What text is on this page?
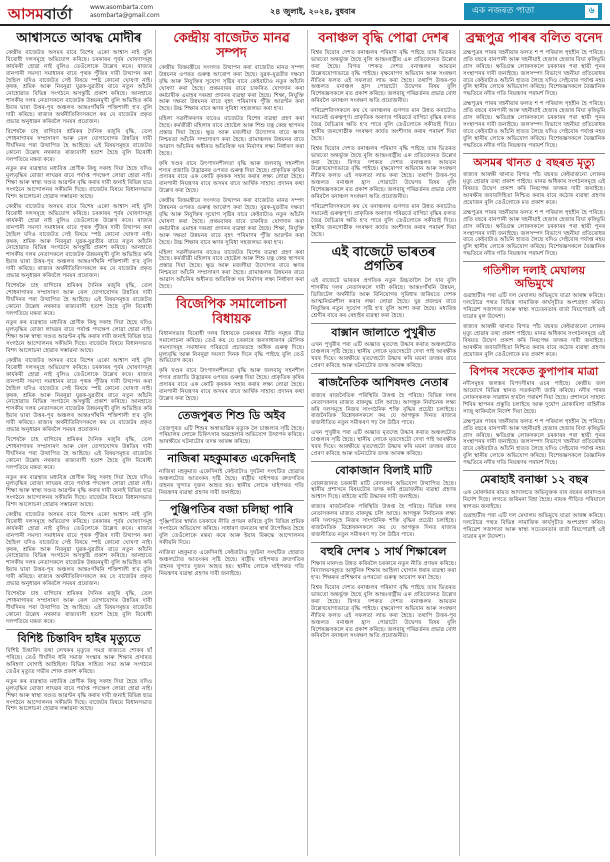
আসমবাৰ্তা	www.asombarta.com
asombarta@gmail.com	২৪ জুলাই, ২০২৪, বুধবাৰ	এক নজৰত পাতা	৬
আশ্বাসতে আবদ্ধ মোদীৰ

কেন্দ্ৰীয় বাজেটত অসমৰ বাবে বিশেষ একো আশ্বাস নাই বুলি বিৰোধী দলসমূহে অভিযোগ কৰিছে। চৰকাৰৰ পূৰ্বৰ ঘোষণাসমূহ কাৰ্যকৰী হোৱা নাই বুলিও তেওঁলোকে উল্লেখ কৰে। ৰাজ্যৰ বানপানী সমস্যা সমাধানৰ বাবে পৃথক পুঁজিৰ দাবী উত্থাপন কৰা হৈছিল যদিও বাজেটত সেই বিষয়ে স্পষ্ট কোনো ঘোষণা নাই। কৃষক, শ্ৰমিক আৰু নিবনুৱা যুৱক-যুৱতীৰ বাবে নতুন আঁচনি নোহোৱাত বিভিন্ন সংগঠনে অসন্তুষ্টি প্ৰকাশ কৰিছে। আনহাতে শাসকীয় দলৰ নেতাসকলে বাজেটক উন্নয়নমুখী বুলি অভিহিত কৰি ইয়াৰ দ্বাৰা উত্তৰ-পূব অঞ্চলৰ আন্তঃগাঁথনি শক্তিশালী হ'ব বুলি দাবী কৰিছে। ৰাজ্যৰ অৰ্থনীতিবিদসকলে কয় যে বাজেটৰ প্ৰকৃত প্ৰভাৱ অনুধাৱন কৰিবলৈ সময়ৰ প্ৰয়োজন।

বিশেষকৈ চাহ বাগিচাৰ শ্ৰমিকৰ দৈনিক মজুৰি বৃদ্ধি, তেল শোধনাগাৰৰ সম্প্ৰসাৰণ আৰু ৰেল যোগাযোগৰ উন্নতিৰ দাবী দীৰ্ঘদিনৰ পৰা উত্থাপিত হৈ আহিছে। এই বিষয়সমূহত বাজেটত কোনো উল্লেখ নথকাত ৰাজ্যবাসী হতাশ হৈছে বুলি বিৰোধী দলপতিয়ে মন্তব্য কৰে।

নতুন কৰ ব্যৱস্থাত মধ্যবিত্ত শ্ৰেণীক কিছু সকাহ দিয়া হৈছে যদিও মূল্যবৃদ্ধিৰ বোজা লাঘৱৰ বাবে পৰ্যাপ্ত পদক্ষেপ লোৱা হোৱা নাই। শিক্ষা আৰু স্বাস্থ্য খণ্ডত আৱণ্টন বৃদ্ধি কৰাৰ দাবী জনাই বিভিন্ন ছাত্ৰ সংগঠনে আন্দোলনৰ সকীয়নি দিছে। বাজেটৰ বিষয়ে বিধানসভাত বিশদ আলোচনা হোৱাৰ সম্ভাৱনা আছে।

কেন্দ্ৰীয় বাজেটত অসমৰ বাবে বিশেষ একো আশ্বাস নাই বুলি বিৰোধী দলসমূহে অভিযোগ কৰিছে। চৰকাৰৰ পূৰ্বৰ ঘোষণাসমূহ কাৰ্যকৰী হোৱা নাই বুলিও তেওঁলোকে উল্লেখ কৰে। ৰাজ্যৰ বানপানী সমস্যা সমাধানৰ বাবে পৃথক পুঁজিৰ দাবী উত্থাপন কৰা হৈছিল যদিও বাজেটত সেই বিষয়ে স্পষ্ট কোনো ঘোষণা নাই। কৃষক, শ্ৰমিক আৰু নিবনুৱা যুৱক-যুৱতীৰ বাবে নতুন আঁচনি নোহোৱাত বিভিন্ন সংগঠনে অসন্তুষ্টি প্ৰকাশ কৰিছে। আনহাতে শাসকীয় দলৰ নেতাসকলে বাজেটক উন্নয়নমুখী বুলি অভিহিত কৰি ইয়াৰ দ্বাৰা উত্তৰ-পূব অঞ্চলৰ আন্তঃগাঁথনি শক্তিশালী হ'ব বুলি দাবী কৰিছে। ৰাজ্যৰ অৰ্থনীতিবিদসকলে কয় যে বাজেটৰ প্ৰকৃত প্ৰভাৱ অনুধাৱন কৰিবলৈ সময়ৰ প্ৰয়োজন।

বিশেষকৈ চাহ বাগিচাৰ শ্ৰমিকৰ দৈনিক মজুৰি বৃদ্ধি, তেল শোধনাগাৰৰ সম্প্ৰসাৰণ আৰু ৰেল যোগাযোগৰ উন্নতিৰ দাবী দীৰ্ঘদিনৰ পৰা উত্থাপিত হৈ আহিছে। এই বিষয়সমূহত বাজেটত কোনো উল্লেখ নথকাত ৰাজ্যবাসী হতাশ হৈছে বুলি বিৰোধী দলপতিয়ে মন্তব্য কৰে।

নতুন কৰ ব্যৱস্থাত মধ্যবিত্ত শ্ৰেণীক কিছু সকাহ দিয়া হৈছে যদিও মূল্যবৃদ্ধিৰ বোজা লাঘৱৰ বাবে পৰ্যাপ্ত পদক্ষেপ লোৱা হোৱা নাই। শিক্ষা আৰু স্বাস্থ্য খণ্ডত আৱণ্টন বৃদ্ধি কৰাৰ দাবী জনাই বিভিন্ন ছাত্ৰ সংগঠনে আন্দোলনৰ সকীয়নি দিছে। বাজেটৰ বিষয়ে বিধানসভাত বিশদ আলোচনা হোৱাৰ সম্ভাৱনা আছে।

কেন্দ্ৰীয় বাজেটত অসমৰ বাবে বিশেষ একো আশ্বাস নাই বুলি বিৰোধী দলসমূহে অভিযোগ কৰিছে। চৰকাৰৰ পূৰ্বৰ ঘোষণাসমূহ কাৰ্যকৰী হোৱা নাই বুলিও তেওঁলোকে উল্লেখ কৰে। ৰাজ্যৰ বানপানী সমস্যা সমাধানৰ বাবে পৃথক পুঁজিৰ দাবী উত্থাপন কৰা হৈছিল যদিও বাজেটত সেই বিষয়ে স্পষ্ট কোনো ঘোষণা নাই। কৃষক, শ্ৰমিক আৰু নিবনুৱা যুৱক-যুৱতীৰ বাবে নতুন আঁচনি নোহোৱাত বিভিন্ন সংগঠনে অসন্তুষ্টি প্ৰকাশ কৰিছে। আনহাতে শাসকীয় দলৰ নেতাসকলে বাজেটক উন্নয়নমুখী বুলি অভিহিত কৰি ইয়াৰ দ্বাৰা উত্তৰ-পূব অঞ্চলৰ আন্তঃগাঁথনি শক্তিশালী হ'ব বুলি দাবী কৰিছে। ৰাজ্যৰ অৰ্থনীতিবিদসকলে কয় যে বাজেটৰ প্ৰকৃত প্ৰভাৱ অনুধাৱন কৰিবলৈ সময়ৰ প্ৰয়োজন।

বিশেষকৈ চাহ বাগিচাৰ শ্ৰমিকৰ দৈনিক মজুৰি বৃদ্ধি, তেল শোধনাগাৰৰ সম্প্ৰসাৰণ আৰু ৰেল যোগাযোগৰ উন্নতিৰ দাবী দীৰ্ঘদিনৰ পৰা উত্থাপিত হৈ আহিছে। এই বিষয়সমূহত বাজেটত কোনো উল্লেখ নথকাত ৰাজ্যবাসী হতাশ হৈছে বুলি বিৰোধী দলপতিয়ে মন্তব্য কৰে।

নতুন কৰ ব্যৱস্থাত মধ্যবিত্ত শ্ৰেণীক কিছু সকাহ দিয়া হৈছে যদিও মূল্যবৃদ্ধিৰ বোজা লাঘৱৰ বাবে পৰ্যাপ্ত পদক্ষেপ লোৱা হোৱা নাই। শিক্ষা আৰু স্বাস্থ্য খণ্ডত আৱণ্টন বৃদ্ধি কৰাৰ দাবী জনাই বিভিন্ন ছাত্ৰ সংগঠনে আন্দোলনৰ সকীয়নি দিছে। বাজেটৰ বিষয়ে বিধানসভাত বিশদ আলোচনা হোৱাৰ সম্ভাৱনা আছে।

কেন্দ্ৰীয় বাজেটত অসমৰ বাবে বিশেষ একো আশ্বাস নাই বুলি বিৰোধী দলসমূহে অভিযোগ কৰিছে। চৰকাৰৰ পূৰ্বৰ ঘোষণাসমূহ কাৰ্যকৰী হোৱা নাই বুলিও তেওঁলোকে উল্লেখ কৰে। ৰাজ্যৰ বানপানী সমস্যা সমাধানৰ বাবে পৃথক পুঁজিৰ দাবী উত্থাপন কৰা হৈছিল যদিও বাজেটত সেই বিষয়ে স্পষ্ট কোনো ঘোষণা নাই। কৃষক, শ্ৰমিক আৰু নিবনুৱা যুৱক-যুৱতীৰ বাবে নতুন আঁচনি নোহোৱাত বিভিন্ন সংগঠনে অসন্তুষ্টি প্ৰকাশ কৰিছে। আনহাতে শাসকীয় দলৰ নেতাসকলে বাজেটক উন্নয়নমুখী বুলি অভিহিত কৰি ইয়াৰ দ্বাৰা উত্তৰ-পূব অঞ্চলৰ আন্তঃগাঁথনি শক্তিশালী হ'ব বুলি দাবী কৰিছে। ৰাজ্যৰ অৰ্থনীতিবিদসকলে কয় যে বাজেটৰ প্ৰকৃত প্ৰভাৱ অনুধাৱন কৰিবলৈ সময়ৰ প্ৰয়োজন।

বিশেষকৈ চাহ বাগিচাৰ শ্ৰমিকৰ দৈনিক মজুৰি বৃদ্ধি, তেল শোধনাগাৰৰ সম্প্ৰসাৰণ আৰু ৰেল যোগাযোগৰ উন্নতিৰ দাবী দীৰ্ঘদিনৰ পৰা উত্থাপিত হৈ আহিছে। এই বিষয়সমূহত বাজেটত কোনো উল্লেখ নথকাত ৰাজ্যবাসী হতাশ হৈছে বুলি বিৰোধী দলপতিয়ে মন্তব্য কৰে।

বিশিষ্ট চিন্তাবিদ হাইৰ মৃত্যুতে

বিশিষ্ট চিন্তাবিদ তথা লেখকৰ মৃত্যুত সমগ্ৰ ৰাজ্যতে শোকৰ ছাঁ পৰিছে। তেওঁ দীৰ্ঘদিন ধৰি সমাজ সংস্কাৰ আৰু শিক্ষাৰ প্ৰসাৰত অৰিহণা যোগাই আহিছিল। বিভিন্ন সাহিত্য সভা আৰু সংগঠনে তেওঁৰ মৃত্যুত গভীৰ শোক প্ৰকাশ কৰিছে।

নতুন কৰ ব্যৱস্থাত মধ্যবিত্ত শ্ৰেণীক কিছু সকাহ দিয়া হৈছে যদিও মূল্যবৃদ্ধিৰ বোজা লাঘৱৰ বাবে পৰ্যাপ্ত পদক্ষেপ লোৱা হোৱা নাই। শিক্ষা আৰু স্বাস্থ্য খণ্ডত আৱণ্টন বৃদ্ধি কৰাৰ দাবী জনাই বিভিন্ন ছাত্ৰ সংগঠনে আন্দোলনৰ সকীয়নি দিছে। বাজেটৰ বিষয়ে বিধানসভাত বিশদ আলোচনা হোৱাৰ সম্ভাৱনা আছে।

কেন্দ্ৰীয় বাজেটত মানৱ সম্পদ

কেন্দ্ৰীয় বিত্তমন্ত্ৰীয়ে সংসদত উত্থাপন কৰা বাজেটত মানৱ সম্পদ উন্নয়নৰ ওপৰত গুৰুত্ব আৰোপ কৰা হৈছে। যুৱক-যুৱতীৰ দক্ষতা বৃদ্ধি আৰু নিযুক্তিৰ সুযোগ সৃষ্টিৰ বাবে কেইবাটাও নতুন আঁচনি ঘোষণা কৰা হৈছে। প্ৰথমবাৰৰ বাবে চাকৰিত যোগদান কৰা কৰ্মচাৰীক এমাহৰ দৰমহা প্ৰদানৰ ব্যৱস্থা কৰা হৈছে। শিক্ষা, নিযুক্তি আৰু দক্ষতা উন্নয়নৰ বাবে বৃহৎ পৰিমাণৰ পুঁজি আৱণ্টন কৰা হৈছে। উচ্চ শিক্ষাৰ বাবে ঋণৰ সুবিধা সহজলভ্য কৰা হ'ব।

মহিলা সৱলীকৰণৰ বাবেও বাজেটত বিশেষ ব্যৱস্থা গ্ৰহণ কৰা হৈছে। কৰ্মজীৱী মহিলাৰ বাবে হোষ্টেল আৰু শিশু যত্ন কেন্দ্ৰ স্থাপনৰ প্ৰস্তাৱ দিয়া হৈছে। ক্ষুদ্ৰ আৰু মজলীয়া উদ্যোগৰ বাবে ঋণৰ নিশ্চয়তা আঁচনি সম্প্ৰসাৰণ কৰা হৈছে। গ্ৰামাঞ্চলৰ উন্নয়নৰ বাবে আৱাস আঁচনিৰ অধীনত অতিৰিক্ত ঘৰ নিৰ্মাণৰ লক্ষ্য নিৰ্ধাৰণ কৰা হৈছে।

কৃষি খণ্ডৰ বাবে উৎপাদনশীলতা বৃদ্ধি আৰু জলবায়ু সহনশীল শস্যৰ প্ৰজাতি উদ্ভাৱনৰ ওপৰত গুৰুত্ব দিয়া হৈছে। প্ৰাকৃতিক কৃষিৰ প্ৰসাৰৰ বাবে এক কোটি কৃষকক সহায় কৰাৰ লক্ষ্য লোৱা হৈছে। বানপানী নিয়ন্ত্ৰণৰ বাবে অসমৰ বাবে আৰ্থিক সাহায্য প্ৰদানৰ কথা উল্লেখ কৰা হৈছে।

কেন্দ্ৰীয় বিত্তমন্ত্ৰীয়ে সংসদত উত্থাপন কৰা বাজেটত মানৱ সম্পদ উন্নয়নৰ ওপৰত গুৰুত্ব আৰোপ কৰা হৈছে। যুৱক-যুৱতীৰ দক্ষতা বৃদ্ধি আৰু নিযুক্তিৰ সুযোগ সৃষ্টিৰ বাবে কেইবাটাও নতুন আঁচনি ঘোষণা কৰা হৈছে। প্ৰথমবাৰৰ বাবে চাকৰিত যোগদান কৰা কৰ্মচাৰীক এমাহৰ দৰমহা প্ৰদানৰ ব্যৱস্থা কৰা হৈছে। শিক্ষা, নিযুক্তি আৰু দক্ষতা উন্নয়নৰ বাবে বৃহৎ পৰিমাণৰ পুঁজি আৱণ্টন কৰা হৈছে। উচ্চ শিক্ষাৰ বাবে ঋণৰ সুবিধা সহজলভ্য কৰা হ'ব।

মহিলা সৱলীকৰণৰ বাবেও বাজেটত বিশেষ ব্যৱস্থা গ্ৰহণ কৰা হৈছে। কৰ্মজীৱী মহিলাৰ বাবে হোষ্টেল আৰু শিশু যত্ন কেন্দ্ৰ স্থাপনৰ প্ৰস্তাৱ দিয়া হৈছে। ক্ষুদ্ৰ আৰু মজলীয়া উদ্যোগৰ বাবে ঋণৰ নিশ্চয়তা আঁচনি সম্প্ৰসাৰণ কৰা হৈছে। গ্ৰামাঞ্চলৰ উন্নয়নৰ বাবে আৱাস আঁচনিৰ অধীনত অতিৰিক্ত ঘৰ নিৰ্মাণৰ লক্ষ্য নিৰ্ধাৰণ কৰা হৈছে।

বিজেপিক সমালোচনা বিধায়ক

বিধানসভাৰ বিৰোধী দলৰ বিধায়কে চৰকাৰৰ নীতি সমূহৰ তীব্ৰ সমালোচনা কৰিছে। তেওঁ কয় যে চৰকাৰে জনসাধাৰণৰ মৌলিক সমস্যাসমূহ সমাধানৰ পৰিৱৰ্তে প্ৰচাৰতহে অধিক গুৰুত্ব দিছে। মূল্যবৃদ্ধি আৰু নিবনুৱা সমস্যা দিনক দিনে বৃদ্ধি পাইছে বুলি তেওঁ অভিযোগ কৰে।

কৃষি খণ্ডৰ বাবে উৎপাদনশীলতা বৃদ্ধি আৰু জলবায়ু সহনশীল শস্যৰ প্ৰজাতি উদ্ভাৱনৰ ওপৰত গুৰুত্ব দিয়া হৈছে। প্ৰাকৃতিক কৃষিৰ প্ৰসাৰৰ বাবে এক কোটি কৃষকক সহায় কৰাৰ লক্ষ্য লোৱা হৈছে। বানপানী নিয়ন্ত্ৰণৰ বাবে অসমৰ বাবে আৰ্থিক সাহায্য প্ৰদানৰ কথা উল্লেখ কৰা হৈছে।

তেজপুৰত শিশু ডি অইব

তেজপুৰত এটি শিশুৰ অস্বাভাৱিক মৃত্যুক লৈ চাঞ্চল্যৰ সৃষ্টি হৈছে। পৰিয়ালৰ লোকে চিকিৎসাৰ অৱহেলাৰ অভিযোগ উত্থাপন কৰিছে। আৰক্ষীয়ে ঘটনাটোৰ তদন্ত আৰম্ভ কৰিছে।

নাজিৰা মহকুমাৰত একেদিনাই

নাজিৰা মহকুমাত একেদিনাই কেইবাটাও দুৰ্ঘটনা সংঘটিত হোৱাত অঞ্চলটোত আতংকৰ সৃষ্টি হৈছে। ৰাষ্ট্ৰীয় ঘাইপথত দ্ৰুতগতিৰ বাহনৰ খুন্দাত দুজন আহত হয়। স্থানীয় লোকে ঘাইপথত গতি নিয়ন্ত্ৰণৰ ব্যৱস্থা গ্ৰহণৰ দাবী জনাইছে।

পুঞ্জিপতিৰ বজা চলিছা পাৰি

পুঞ্জিপতিৰ স্বাৰ্থত চৰকাৰে নীতি প্ৰণয়ন কৰিছে বুলি বিভিন্ন শ্ৰমিক সংগঠনে অভিযোগ কৰিছে। সাধাৰণ জনতাৰ স্বাৰ্থ উপেক্ষিত হৈছে বুলি তেওঁলোকে মন্তব্য কৰে আৰু ইয়াৰ বিৰুদ্ধে আন্দোলনৰ সকীয়নি দিয়ে।

নাজিৰা মহকুমাত একেদিনাই কেইবাটাও দুৰ্ঘটনা সংঘটিত হোৱাত অঞ্চলটোত আতংকৰ সৃষ্টি হৈছে। ৰাষ্ট্ৰীয় ঘাইপথত দ্ৰুতগতিৰ বাহনৰ খুন্দাত দুজন আহত হয়। স্থানীয় লোকে ঘাইপথত গতি নিয়ন্ত্ৰণৰ ব্যৱস্থা গ্ৰহণৰ দাবী জনাইছে।

বনাঞ্চল বৃদ্ধি পোৱা দেশৰ

বিশ্বৰ যিবোৰ দেশত বনাঞ্চলৰ পৰিমাণ বৃদ্ধি পাইছে তাৰ ভিতৰত ভাৰতো অন্তৰ্ভুক্ত হৈছে বুলি আন্তঃৰাষ্ট্ৰীয় এক প্ৰতিবেদনত উল্লেখ কৰা হৈছে। বিগত দশকত দেশত বনাঞ্চলৰ আয়তন উল্লেখযোগ্যভাৱে বৃদ্ধি পাইছে। বৃক্ষৰোপণ অভিযান আৰু সংৰক্ষণ নীতিৰ ফলত এই সফলতা লাভ কৰা হৈছে। তথাপি উত্তৰ-পূব অঞ্চলত বনাঞ্চল হ্ৰাস পোৱাটো উদ্বেগৰ বিষয় বুলি বিশেষজ্ঞসকলে মত প্ৰকাশ কৰিছে। জলবায়ু পৰিৱৰ্তনৰ প্ৰভাৱ ৰোধ কৰিবলৈ বনাঞ্চল সংৰক্ষণ অতি প্ৰয়োজনীয়।

পৰিৱেশবিদসকলে কয় যে বনাঞ্চলৰ গুণগত মান উন্নত কৰাটোও সমানেই গুৰুত্বপূৰ্ণ। প্ৰাকৃতিক অৰণ্যৰ পৰিৱৰ্তে বাগিচা বৃদ্ধিৰ ফলত জৈৱ বৈচিত্ৰ্যৰ ক্ষতি হ'ব পাৰে বুলি তেওঁলোকে সকীয়াই দিয়ে। স্থানীয় জনগোষ্ঠীক সংৰক্ষণ কাৰ্যত অংশীদাৰ কৰাৰ পৰামৰ্শ দিয়া হৈছে।

বিশ্বৰ যিবোৰ দেশত বনাঞ্চলৰ পৰিমাণ বৃদ্ধি পাইছে তাৰ ভিতৰত ভাৰতো অন্তৰ্ভুক্ত হৈছে বুলি আন্তঃৰাষ্ট্ৰীয় এক প্ৰতিবেদনত উল্লেখ কৰা হৈছে। বিগত দশকত দেশত বনাঞ্চলৰ আয়তন উল্লেখযোগ্যভাৱে বৃদ্ধি পাইছে। বৃক্ষৰোপণ অভিযান আৰু সংৰক্ষণ নীতিৰ ফলত এই সফলতা লাভ কৰা হৈছে। তথাপি উত্তৰ-পূব অঞ্চলত বনাঞ্চল হ্ৰাস পোৱাটো উদ্বেগৰ বিষয় বুলি বিশেষজ্ঞসকলে মত প্ৰকাশ কৰিছে। জলবায়ু পৰিৱৰ্তনৰ প্ৰভাৱ ৰোধ কৰিবলৈ বনাঞ্চল সংৰক্ষণ অতি প্ৰয়োজনীয়।

পৰিৱেশবিদসকলে কয় যে বনাঞ্চলৰ গুণগত মান উন্নত কৰাটোও সমানেই গুৰুত্বপূৰ্ণ। প্ৰাকৃতিক অৰণ্যৰ পৰিৱৰ্তে বাগিচা বৃদ্ধিৰ ফলত জৈৱ বৈচিত্ৰ্যৰ ক্ষতি হ'ব পাৰে বুলি তেওঁলোকে সকীয়াই দিয়ে। স্থানীয় জনগোষ্ঠীক সংৰক্ষণ কাৰ্যত অংশীদাৰ কৰাৰ পৰামৰ্শ দিয়া হৈছে।

এই বাজেটে ভাৰতৰ প্ৰগতিৰ

এই বাজেটে ভাৰতৰ প্ৰগতিক নতুন উচ্চতালৈ লৈ যাব বুলি শাসকীয় দলৰ নেতাসকলে দাবী কৰিছে। আন্তঃগাঁথনি উন্নয়ন, ডিজিটেল অৰ্থনীতি আৰু বিনিয়োগৰ সুবিধাৰ জৰিয়তে দেশক আত্মনিৰ্ভৰশীল কৰাৰ লক্ষ্য লোৱা হৈছে। যুৱ প্ৰজন্মৰ বাবে নিযুক্তিৰ নতুন সুযোগ সৃষ্টি হ'ব বুলি আশা কৰা হৈছে। মধ্যবিত্ত শ্ৰেণীৰ বাবে কৰ ৰেহাইৰ ব্যৱস্থা কৰা হৈছে।

বাক্সান জালাতে পুখুৰীত

এখন পুখুৰীৰ পৰা এটি অজ্ঞাত মৃতদেহ উদ্ধাৰ কৰাত অঞ্চলটোত চাঞ্চল্যৰ সৃষ্টি হৈছে। স্থানীয় লোকে মৃতদেহটো দেখা পাই আৰক্ষীক খবৰ দিয়ে। আৰক্ষীয়ে মৃতদেহটো উদ্ধাৰ কৰি ময়না তদন্তৰ বাবে প্ৰেৰণ কৰিছে আৰু ঘটনাটোৰ তদন্ত আৰম্ভ কৰিছে।

ৰাজনৈতিক আশিষদণ্ড নেতাৰ

ৰাজ্যৰ ৰাজনৈতিক পৰিস্থিতি উত্তপ্ত হৈ পৰিছে। বিভিন্ন দলৰ নেতাসকলৰ মাজত বাকযুদ্ধ চলি আছে। আগন্তুক নিৰ্বাচনক লক্ষ্য কৰি দলসমূহে নিজৰ সাংগঠনিক শক্তি বৃদ্ধিৰ প্ৰচেষ্টা চলাইছে। ৰাজনৈতিক বিশ্লেষকসকলে কয় যে আগন্তুক দিনত ৰাজ্যৰ ৰাজনীতিত নতুন সমীকৰণ গঢ় লৈ উঠিব পাৰে।

এখন পুখুৰীৰ পৰা এটি অজ্ঞাত মৃতদেহ উদ্ধাৰ কৰাত অঞ্চলটোত চাঞ্চল্যৰ সৃষ্টি হৈছে। স্থানীয় লোকে মৃতদেহটো দেখা পাই আৰক্ষীক খবৰ দিয়ে। আৰক্ষীয়ে মৃতদেহটো উদ্ধাৰ কৰি ময়না তদন্তৰ বাবে প্ৰেৰণ কৰিছে আৰু ঘটনাটোৰ তদন্ত আৰম্ভ কৰিছে।

বোকাজান বিলাই মাটি

বোকাজানত চৰকাৰী মাটি বেদখলৰ অভিযোগ উত্থাপিত হৈছে। স্থানীয় প্ৰশাসনে বিষয়টোৰ তদন্ত কৰি প্ৰয়োজনীয় ব্যৱস্থা গ্ৰহণৰ আশ্বাস দিছে। ৰাইজে মাটি উদ্ধাৰৰ দাবী জনাইছে।

ৰাজ্যৰ ৰাজনৈতিক পৰিস্থিতি উত্তপ্ত হৈ পৰিছে। বিভিন্ন দলৰ নেতাসকলৰ মাজত বাকযুদ্ধ চলি আছে। আগন্তুক নিৰ্বাচনক লক্ষ্য কৰি দলসমূহে নিজৰ সাংগঠনিক শক্তি বৃদ্ধিৰ প্ৰচেষ্টা চলাইছে। ৰাজনৈতিক বিশ্লেষকসকলে কয় যে আগন্তুক দিনত ৰাজ্যৰ ৰাজনীতিত নতুন সমীকৰণ গঢ় লৈ উঠিব পাৰে।

বহুৰি দেশৰ ১ সাৰ্থ শিক্ষাৰেল

শিক্ষাৰ মানদণ্ড উন্নত কৰিবলৈ চৰকাৰে নতুন নীতি প্ৰণয়ন কৰিছে। বিদ্যালয়সমূহত আধুনিক শিক্ষাৰ আহিলা যোগান ধৰাৰ ব্যৱস্থা কৰা হ'ব। শিক্ষকৰ প্ৰশিক্ষণৰ ওপৰতো গুৰুত্ব আৰোপ কৰা হৈছে।

বিশ্বৰ যিবোৰ দেশত বনাঞ্চলৰ পৰিমাণ বৃদ্ধি পাইছে তাৰ ভিতৰত ভাৰতো অন্তৰ্ভুক্ত হৈছে বুলি আন্তঃৰাষ্ট্ৰীয় এক প্ৰতিবেদনত উল্লেখ কৰা হৈছে। বিগত দশকত দেশত বনাঞ্চলৰ আয়তন উল্লেখযোগ্যভাৱে বৃদ্ধি পাইছে। বৃক্ষৰোপণ অভিযান আৰু সংৰক্ষণ নীতিৰ ফলত এই সফলতা লাভ কৰা হৈছে। তথাপি উত্তৰ-পূব অঞ্চলত বনাঞ্চল হ্ৰাস পোৱাটো উদ্বেগৰ বিষয় বুলি বিশেষজ্ঞসকলে মত প্ৰকাশ কৰিছে। জলবায়ু পৰিৱৰ্তনৰ প্ৰভাৱ ৰোধ কৰিবলৈ বনাঞ্চল সংৰক্ষণ অতি প্ৰয়োজনীয়।

ব্ৰহ্মপুত্ৰ পাৰৰ বলিত বনেদ

ব্ৰহ্মপুত্ৰৰ পাৰৰ খহনীয়াৰ ফলত শ শ পৰিয়াল গৃহহীন হৈ পৰিছে। প্ৰতি বছৰে বানপানী আৰু খহনীয়াই হেজাৰ হেজাৰ বিঘা কৃষিভূমি গ্ৰাস কৰিছে। ক্ষতিগ্ৰস্ত লোকসকলে চৰকাৰৰ পৰা স্থায়ী পুনৰ সংস্থাপনৰ দাবী জনাইছে। জলসম্পদ বিভাগে খহনীয়া প্ৰতিৰোধৰ বাবে কেইবাটাও আঁচনি হাতত লৈছে যদিও সেইবোৰ পৰ্যাপ্ত নহয় বুলি স্থানীয় লোকে অভিযোগ কৰিছে। বিশেষজ্ঞসকলে বৈজ্ঞানিক পদ্ধতিৰে নদীৰ গতি নিয়ন্ত্ৰণৰ পৰামৰ্শ দিছে।

ব্ৰহ্মপুত্ৰৰ পাৰৰ খহনীয়াৰ ফলত শ শ পৰিয়াল গৃহহীন হৈ পৰিছে। প্ৰতি বছৰে বানপানী আৰু খহনীয়াই হেজাৰ হেজাৰ বিঘা কৃষিভূমি গ্ৰাস কৰিছে। ক্ষতিগ্ৰস্ত লোকসকলে চৰকাৰৰ পৰা স্থায়ী পুনৰ সংস্থাপনৰ দাবী জনাইছে। জলসম্পদ বিভাগে খহনীয়া প্ৰতিৰোধৰ বাবে কেইবাটাও আঁচনি হাতত লৈছে যদিও সেইবোৰ পৰ্যাপ্ত নহয় বুলি স্থানীয় লোকে অভিযোগ কৰিছে। বিশেষজ্ঞসকলে বৈজ্ঞানিক পদ্ধতিৰে নদীৰ গতি নিয়ন্ত্ৰণৰ পৰামৰ্শ দিছে।

অসমৰ থানত ৫ বছৰত মৃত্যু

ৰাজ্যৰ আৰক্ষী থানাত বিগত পাঁচ বছৰত কেইবাজনো লোকৰ মৃত্যু হোৱাৰ তথ্য প্ৰকাশ পাইছে। মানৱ অধিকাৰ সংগঠনসমূহে এই বিষয়ত উদ্বেগ প্ৰকাশ কৰি নিৰপেক্ষ তদন্তৰ দাবী জনাইছে। আৰক্ষীৰ জবাবদিহিতা নিশ্চিত কৰাৰ বাবে কঠোৰ ব্যৱস্থা গ্ৰহণৰ প্ৰয়োজন বুলি তেওঁলোকে মত প্ৰকাশ কৰে।

ব্ৰহ্মপুত্ৰৰ পাৰৰ খহনীয়াৰ ফলত শ শ পৰিয়াল গৃহহীন হৈ পৰিছে। প্ৰতি বছৰে বানপানী আৰু খহনীয়াই হেজাৰ হেজাৰ বিঘা কৃষিভূমি গ্ৰাস কৰিছে। ক্ষতিগ্ৰস্ত লোকসকলে চৰকাৰৰ পৰা স্থায়ী পুনৰ সংস্থাপনৰ দাবী জনাইছে। জলসম্পদ বিভাগে খহনীয়া প্ৰতিৰোধৰ বাবে কেইবাটাও আঁচনি হাতত লৈছে যদিও সেইবোৰ পৰ্যাপ্ত নহয় বুলি স্থানীয় লোকে অভিযোগ কৰিছে। বিশেষজ্ঞসকলে বৈজ্ঞানিক পদ্ধতিৰে নদীৰ গতি নিয়ন্ত্ৰণৰ পৰামৰ্শ দিছে।

গতিশীল দলাই মেঘালয় অভিমুখে

গুৱাহাটীৰ পৰা এটি দল মেঘালয় অভিমুখে যাত্ৰা আৰম্ভ কৰিছে। দলটোৱে পথত বিভিন্ন সামাজিক কাৰ্যসূচীত অংশগ্ৰহণ কৰিব। পৰিৱেশ সজাগতা আৰু স্বাস্থ্য সচেতনতাৰ বাৰ্তা বিয়পোৱাই এই যাত্ৰাৰ মূল উদ্দেশ্য।

ৰাজ্যৰ আৰক্ষী থানাত বিগত পাঁচ বছৰত কেইবাজনো লোকৰ মৃত্যু হোৱাৰ তথ্য প্ৰকাশ পাইছে। মানৱ অধিকাৰ সংগঠনসমূহে এই বিষয়ত উদ্বেগ প্ৰকাশ কৰি নিৰপেক্ষ তদন্তৰ দাবী জনাইছে। আৰক্ষীৰ জবাবদিহিতা নিশ্চিত কৰাৰ বাবে কঠোৰ ব্যৱস্থা গ্ৰহণৰ প্ৰয়োজন বুলি তেওঁলোকে মত প্ৰকাশ কৰে।

বিপদৰ সংকেত কুপাপাৰ মাত্ৰা

নদীসমূহৰ জলস্তৰ বিপদসীমাৰ ওচৰ পাইছে। কেন্দ্ৰীয় জল আয়োগে বিভিন্ন স্থানত সতৰ্কবাণী জাৰি কৰিছে। নদীৰ পাৰৰ লোকসকলক সাৱধান হ'বলৈ পৰামৰ্শ দিয়া হৈছে। প্ৰশাসনে সাহায্য শিবিৰ স্থাপনৰ প্ৰস্তুতি চলাইছে আৰু দুৰ্যোগ মোকাবিলা বাহিনীক সাজু থাকিবলৈ নিৰ্দেশ দিয়া হৈছে।

ব্ৰহ্মপুত্ৰৰ পাৰৰ খহনীয়াৰ ফলত শ শ পৰিয়াল গৃহহীন হৈ পৰিছে। প্ৰতি বছৰে বানপানী আৰু খহনীয়াই হেজাৰ হেজাৰ বিঘা কৃষিভূমি গ্ৰাস কৰিছে। ক্ষতিগ্ৰস্ত লোকসকলে চৰকাৰৰ পৰা স্থায়ী পুনৰ সংস্থাপনৰ দাবী জনাইছে। জলসম্পদ বিভাগে খহনীয়া প্ৰতিৰোধৰ বাবে কেইবাটাও আঁচনি হাতত লৈছে যদিও সেইবোৰ পৰ্যাপ্ত নহয় বুলি স্থানীয় লোকে অভিযোগ কৰিছে। বিশেষজ্ঞসকলে বৈজ্ঞানিক পদ্ধতিৰে নদীৰ গতি নিয়ন্ত্ৰণৰ পৰামৰ্শ দিছে।

মেৰাহাই বনাঞ্চা ১২ বছৰ

এক মোকৰ্দমাৰ ৰায়ত আদালতে অভিযুক্তক বাৰ বছৰৰ কাৰাদণ্ডৰ নিৰ্দেশ দিছে। লগতে জৰিমনা বিহা হৈছে। ৰায়ক পীড়িত পৰিয়ালে স্বাগতম জনাইছে।

গুৱাহাটীৰ পৰা এটি দল মেঘালয় অভিমুখে যাত্ৰা আৰম্ভ কৰিছে। দলটোৱে পথত বিভিন্ন সামাজিক কাৰ্যসূচীত অংশগ্ৰহণ কৰিব। পৰিৱেশ সজাগতা আৰু স্বাস্থ্য সচেতনতাৰ বাৰ্তা বিয়পোৱাই এই যাত্ৰাৰ মূল উদ্দেশ্য।
